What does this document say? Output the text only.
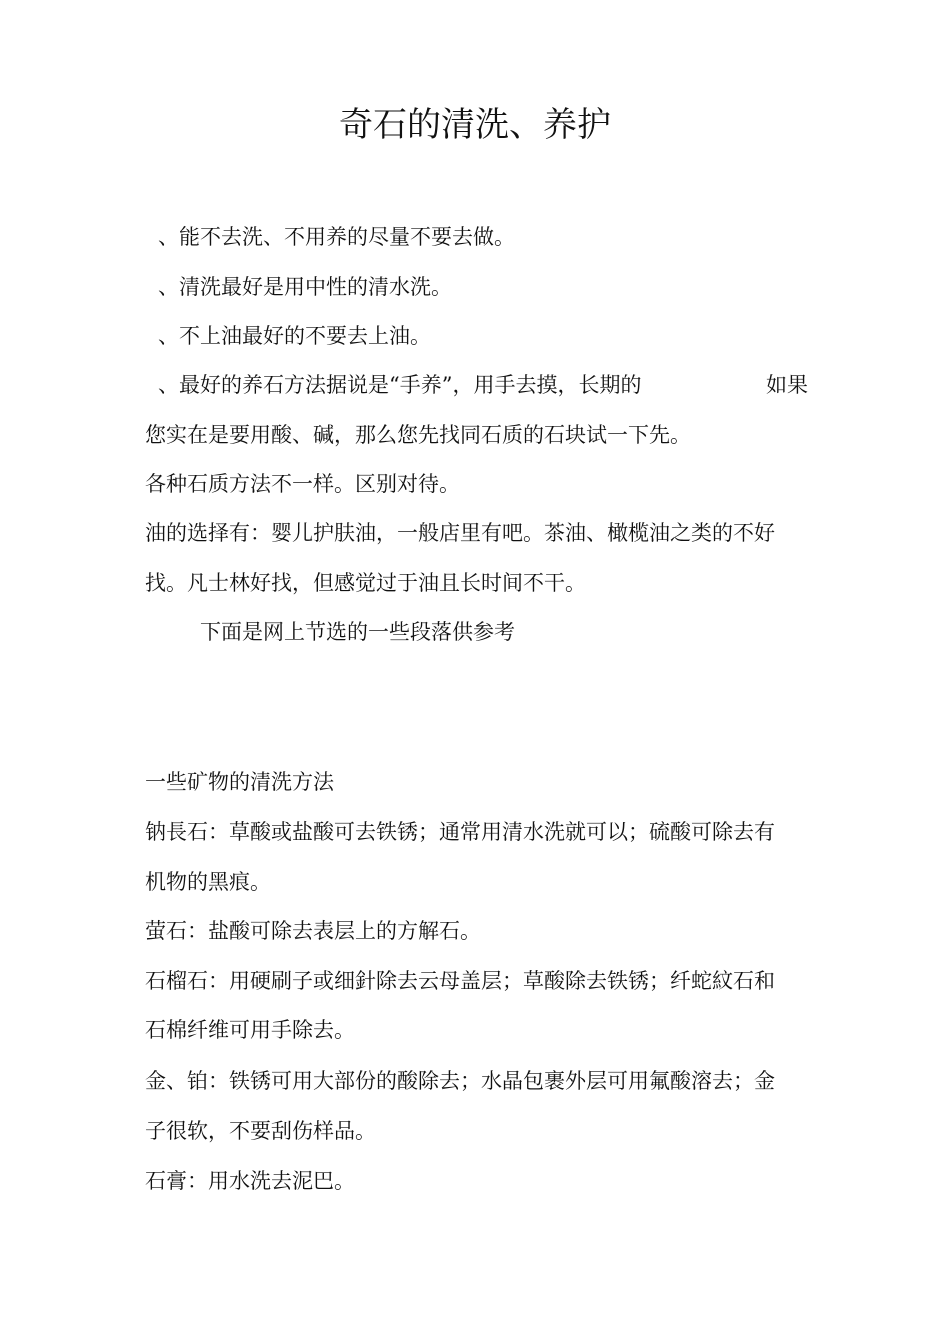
奇石的清洗、养护
、能不去洗、不用养的尽量不要去做。
、清洗最好是用中性的清水洗。
、不上油最好的不要去上油。
、最好的养石方法据说是“手养”，用手去摸，长期的	如果
您实在是要用酸、碱，那么您先找同石质的石块试一下先。
各种石质方法不一样。区别对待。
油的选择有：婴儿护肤油，一般店里有吧。茶油、橄榄油之类的不好
找。凡士林好找，但感觉过于油且长时间不干。
下面是网上节选的一些段落供参考
一些矿物的清洗方法
钠長石：草酸或盐酸可去铁锈；通常用清水洗就可以；硫酸可除去有
机物的黑痕。
萤石：盐酸可除去表层上的方解石。
石榴石：用硬刷子或细針除去云母盖层；草酸除去铁锈；纤蛇紋石和
石棉纤维可用手除去。
金、铂：铁锈可用大部份的酸除去；水晶包裹外层可用氟酸溶去；金
子很软，不要刮伤样品。
石膏：用水洗去泥巴。
